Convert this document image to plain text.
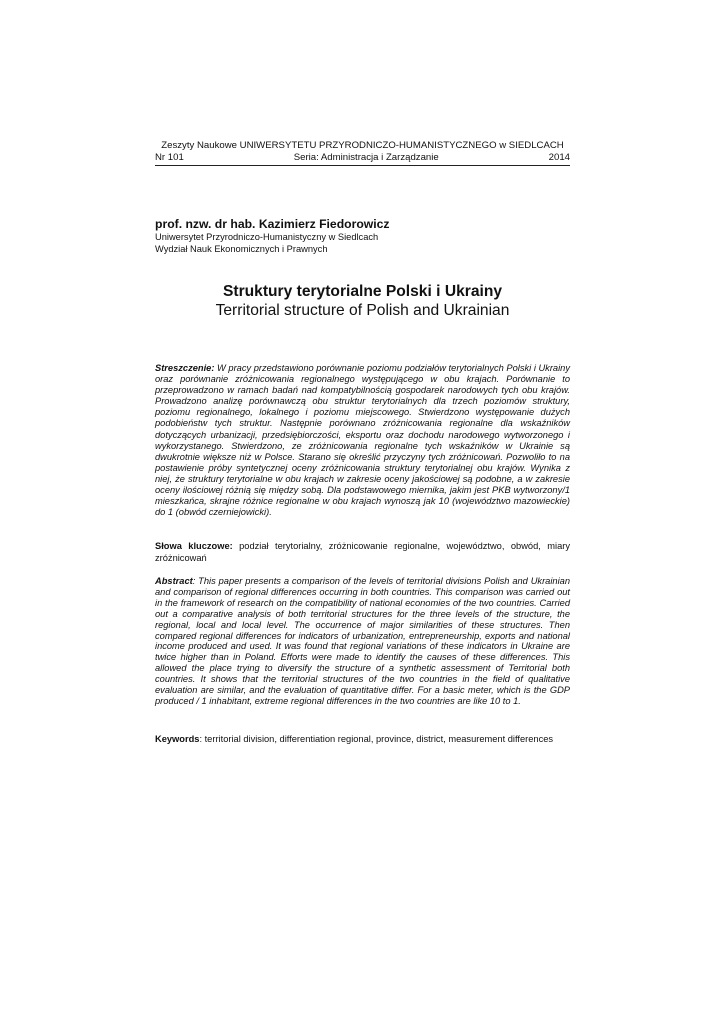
Zeszyty Naukowe UNIWERSYTETU PRZYRODNICZO-HUMANISTYCZNEGO w SIEDLCACH
Nr 101	Seria: Administracja i Zarządzanie	2014
prof. nzw. dr hab. Kazimierz Fiedorowicz
Uniwersytet Przyrodniczo-Humanistyczny w Siedlcach
Wydział Nauk Ekonomicznych i Prawnych
Struktury terytorialne Polski i Ukrainy
Territorial structure of Polish and Ukrainian
Streszczenie: W pracy przedstawiono porównanie poziomu podziałów terytorialnych Polski i Ukrainy oraz porównanie zróżnicowania regionalnego występującego w obu krajach. Porównanie to przeprowadzono w ramach badań nad kompatybilnością gospodarek narodowych tych obu krajów. Prowadzono analizę porównawczą obu struktur terytorialnych dla trzech poziomów struktury, poziomu regionalnego, lokalnego i poziomu miejscowego. Stwierdzono występowanie dużych podobieństw tych struktur. Następnie porównano zróżnicowania regionalne dla wskaźników dotyczących urbanizacji, przedsiębiorczości, eksportu oraz dochodu narodowego wytworzonego i wykorzystanego. Stwierdzono, ze zróżnicowania regionalne tych wskaźników w Ukrainie są dwukrotnie większe niż w Polsce. Starano się określić przyczyny tych zróżnicowań. Pozwoliło to na postawienie próby syntetycznej oceny zróżnicowania struktury terytorialnej obu krajów. Wynika z niej, że struktury terytorialne w obu krajach w zakresie oceny jakościowej są podobne, a w zakresie oceny ilościowej różnią się między sobą. Dla podstawowego miernika, jakim jest PKB wytworzony/1 mieszkańca, skrajne różnice regionalne w obu krajach wynoszą jak 10 (województwo mazowieckie) do 1 (obwód czerniejowicki).
Słowa kluczowe: podział terytorialny, zróżnicowanie regionalne, województwo, obwód, miary zróżnicowań
Abstract: This paper presents a comparison of the levels of territorial divisions Polish and Ukrainian and comparison of regional differences occurring in both countries. This comparison was carried out in the framework of research on the compatibility of national economies of the two countries. Carried out a comparative analysis of both territorial structures for the three levels of the structure, the regional, local and local level. The occurrence of major similarities of these structures. Then compared regional differences for indicators of urbanization, entrepreneurship, exports and national income produced and used. It was found that regional variations of these indicators in Ukraine are twice higher than in Poland. Efforts were made to identify the causes of these differences. This allowed the place trying to diversify the structure of a synthetic assessment of Territorial both countries. It shows that the territorial structures of the two countries in the field of qualitative evaluation are similar, and the evaluation of quantitative differ. For a basic meter, which is the GDP produced / 1 inhabitant, extreme regional differences in the two countries are like 10 to 1.
Keywords: territorial division, differentiation regional, province, district, measurement differences
